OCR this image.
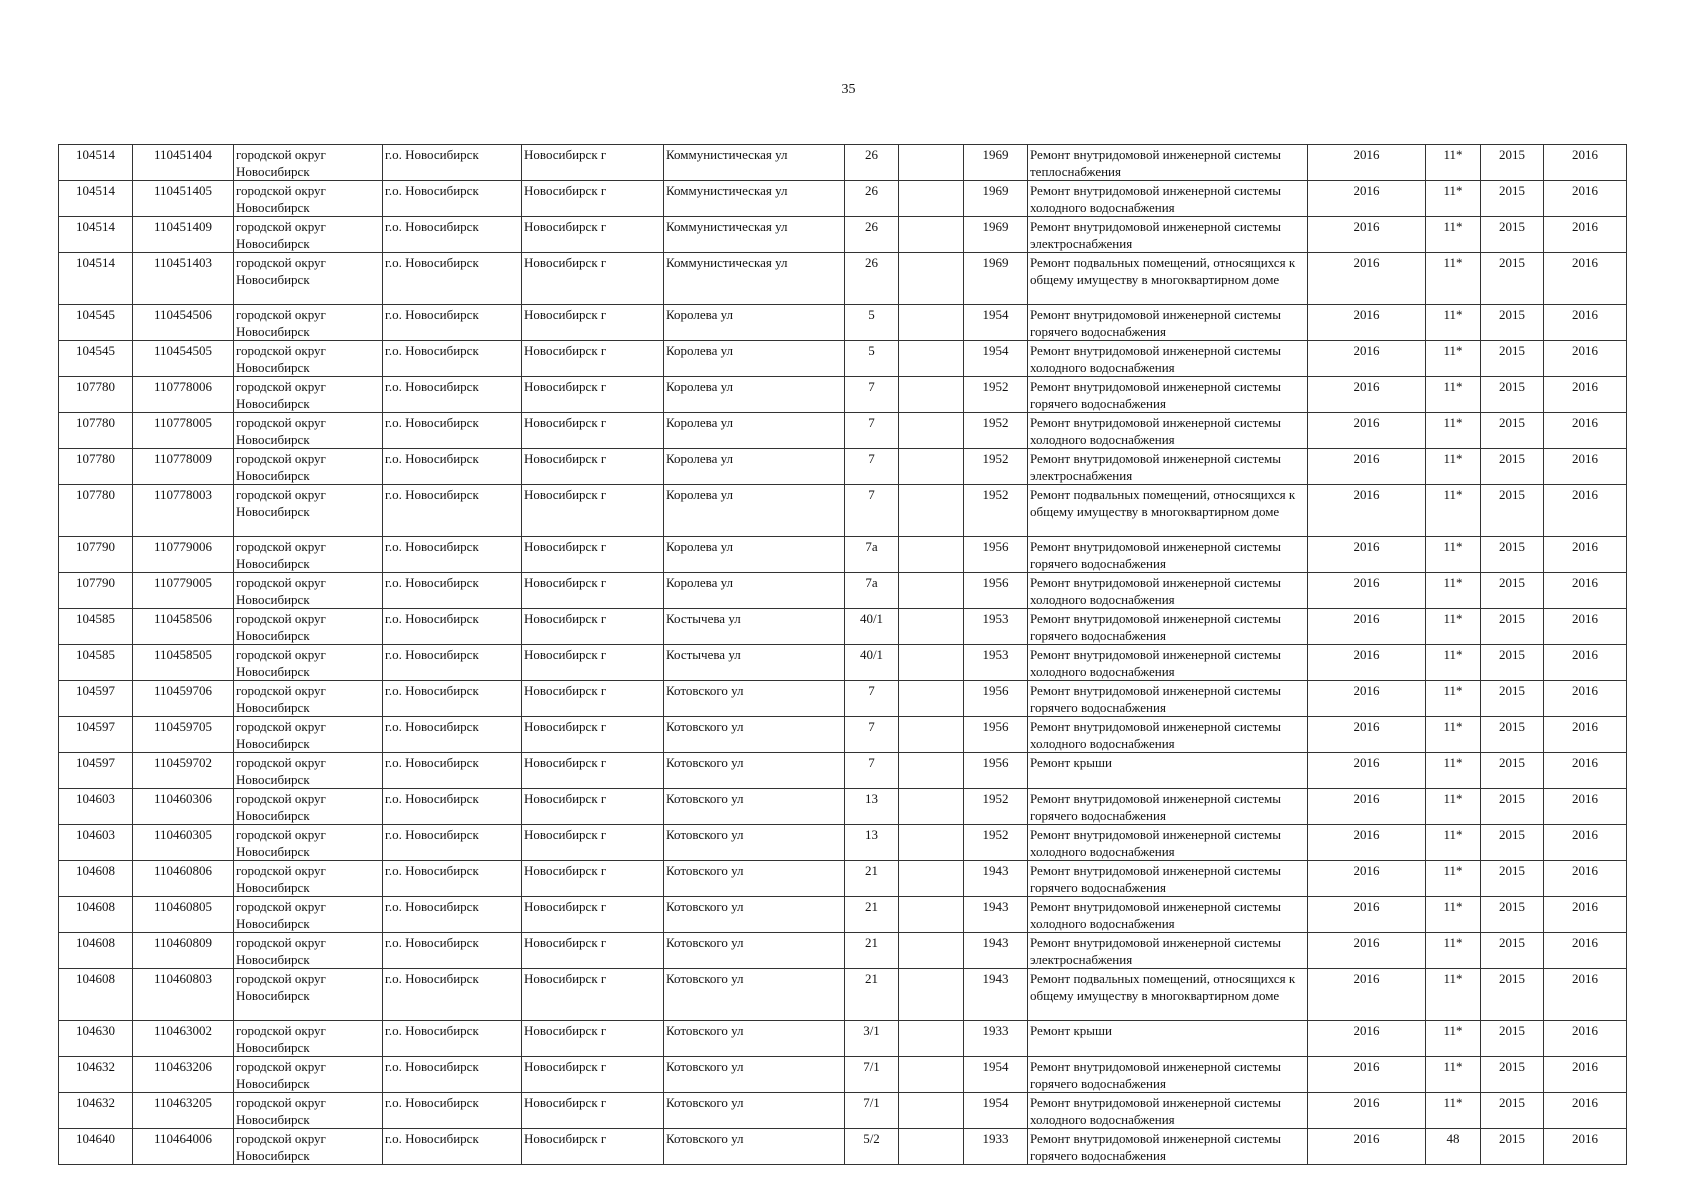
35
104514	110451404	городской округ Новосибирск	г.о. Новосибирск	Новосибирск г	Коммунистическая ул	26		1969	Ремонт внутридомовой инженерной системы теплоснабжения	2016	11*	2015	2016
104514	110451405	городской округ Новосибирск	г.о. Новосибирск	Новосибирск г	Коммунистическая ул	26		1969	Ремонт внутридомовой инженерной системы холодного водоснабжения	2016	11*	2015	2016
104514	110451409	городской округ Новосибирск	г.о. Новосибирск	Новосибирск г	Коммунистическая ул	26		1969	Ремонт внутридомовой инженерной системы электроснабжения	2016	11*	2015	2016
104514	110451403	городской округ Новосибирск	г.о. Новосибирск	Новосибирск г	Коммунистическая ул	26		1969	Ремонт подвальных помещений, относящихся к общему имуществу в многоквартирном доме	2016	11*	2015	2016
104545	110454506	городской округ Новосибирск	г.о. Новосибирск	Новосибирск г	Королева ул	5		1954	Ремонт внутридомовой инженерной системы горячего водоснабжения	2016	11*	2015	2016
104545	110454505	городской округ Новосибирск	г.о. Новосибирск	Новосибирск г	Королева ул	5		1954	Ремонт внутридомовой инженерной системы холодного водоснабжения	2016	11*	2015	2016
107780	110778006	городской округ Новосибирск	г.о. Новосибирск	Новосибирск г	Королева ул	7		1952	Ремонт внутридомовой инженерной системы горячего водоснабжения	2016	11*	2015	2016
107780	110778005	городской округ Новосибирск	г.о. Новосибирск	Новосибирск г	Королева ул	7		1952	Ремонт внутридомовой инженерной системы холодного водоснабжения	2016	11*	2015	2016
107780	110778009	городской округ Новосибирск	г.о. Новосибирск	Новосибирск г	Королева ул	7		1952	Ремонт внутридомовой инженерной системы электроснабжения	2016	11*	2015	2016
107780	110778003	городской округ Новосибирск	г.о. Новосибирск	Новосибирск г	Королева ул	7		1952	Ремонт подвальных помещений, относящихся к общему имуществу в многоквартирном доме	2016	11*	2015	2016
107790	110779006	городской округ Новосибирск	г.о. Новосибирск	Новосибирск г	Королева ул	7а		1956	Ремонт внутридомовой инженерной системы горячего водоснабжения	2016	11*	2015	2016
107790	110779005	городской округ Новосибирск	г.о. Новосибирск	Новосибирск г	Королева ул	7а		1956	Ремонт внутридомовой инженерной системы холодного водоснабжения	2016	11*	2015	2016
104585	110458506	городской округ Новосибирск	г.о. Новосибирск	Новосибирск г	Костычева ул	40/1		1953	Ремонт внутридомовой инженерной системы горячего водоснабжения	2016	11*	2015	2016
104585	110458505	городской округ Новосибирск	г.о. Новосибирск	Новосибирск г	Костычева ул	40/1		1953	Ремонт внутридомовой инженерной системы холодного водоснабжения	2016	11*	2015	2016
104597	110459706	городской округ Новосибирск	г.о. Новосибирск	Новосибирск г	Котовского ул	7		1956	Ремонт внутридомовой инженерной системы горячего водоснабжения	2016	11*	2015	2016
104597	110459705	городской округ Новосибирск	г.о. Новосибирск	Новосибирск г	Котовского ул	7		1956	Ремонт внутридомовой инженерной системы холодного водоснабжения	2016	11*	2015	2016
104597	110459702	городской округ Новосибирск	г.о. Новосибирск	Новосибирск г	Котовского ул	7		1956	Ремонт крыши	2016	11*	2015	2016
104603	110460306	городской округ Новосибирск	г.о. Новосибирск	Новосибирск г	Котовского ул	13		1952	Ремонт внутридомовой инженерной системы горячего водоснабжения	2016	11*	2015	2016
104603	110460305	городской округ Новосибирск	г.о. Новосибирск	Новосибирск г	Котовского ул	13		1952	Ремонт внутридомовой инженерной системы холодного водоснабжения	2016	11*	2015	2016
104608	110460806	городской округ Новосибирск	г.о. Новосибирск	Новосибирск г	Котовского ул	21		1943	Ремонт внутридомовой инженерной системы горячего водоснабжения	2016	11*	2015	2016
104608	110460805	городской округ Новосибирск	г.о. Новосибирск	Новосибирск г	Котовского ул	21		1943	Ремонт внутридомовой инженерной системы холодного водоснабжения	2016	11*	2015	2016
104608	110460809	городской округ Новосибирск	г.о. Новосибирск	Новосибирск г	Котовского ул	21		1943	Ремонт внутридомовой инженерной системы электроснабжения	2016	11*	2015	2016
104608	110460803	городской округ Новосибирск	г.о. Новосибирск	Новосибирск г	Котовского ул	21		1943	Ремонт подвальных помещений, относящихся к общему имуществу в многоквартирном доме	2016	11*	2015	2016
104630	110463002	городской округ Новосибирск	г.о. Новосибирск	Новосибирск г	Котовского ул	3/1		1933	Ремонт крыши	2016	11*	2015	2016
104632	110463206	городской округ Новосибирск	г.о. Новосибирск	Новосибирск г	Котовского ул	7/1		1954	Ремонт внутридомовой инженерной системы горячего водоснабжения	2016	11*	2015	2016
104632	110463205	городской округ Новосибирск	г.о. Новосибирск	Новосибирск г	Котовского ул	7/1		1954	Ремонт внутридомовой инженерной системы холодного водоснабжения	2016	11*	2015	2016
104640	110464006	городской округ Новосибирск	г.о. Новосибирск	Новосибирск г	Котовского ул	5/2		1933	Ремонт внутридомовой инженерной системы горячего водоснабжения	2016	48	2015	2016
